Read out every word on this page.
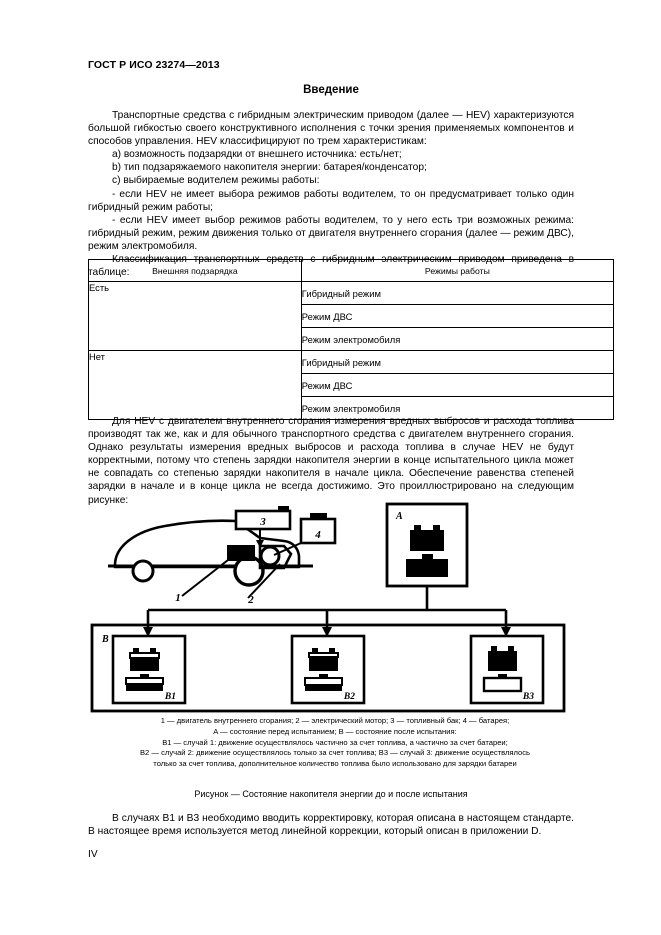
ГОСТ Р ИСО 23274—2013
Введение

Транспортные средства с гибридным электрическим приводом (далее — HEV) характеризуются большой гибкостью своего конструктивного исполнения с точки зрения применяемых компонентов и способов управления. HEV классифицируют по трем характеристикам:

a) возможность подзарядки от внешнего источника: есть/нет;

b) тип подзаряжаемого накопителя энергии: батарея/конденсатор;

c) выбираемые водителем режимы работы:

- если HEV не имеет выбора режимов работы водителем, то он предусматривает только один гибридный режим работы;

- если HEV имеет выбор режимов работы водителем, то у него есть три возможных режима: гибридный режим, режим движения только от двигателя внутреннего сгорания (далее — режим ДВС), режим электромобиля.

Классификация транспортных средств с гибридным электрическим приводом приведена в таблице:	Внешняя подзарядка	Режимы работы
Есть	Гибридный режим
	Режим ДВС
	Режим электромобиля
Нет	Гибридный режим
	Режим ДВС
	Режим электромобиля

Для HEV с двигателем внутреннего сгорания измерения вредных выбросов и расхода топлива производят так же, как и для обычного транспортного средства с двигателем внутреннего сгорания. Однако результаты измерения вредных выбросов и расхода топлива в случае HEV не будут корректными, потому что степень зарядки накопителя энергии в конце испытательного цикла может не совпадать со степенью зарядки накопителя в начале цикла. Обеспечение равенства степеней зарядки в начале и в конце цикла не всегда достижимо. Это проиллюстрировано на следующим рисунке:

3
4
1	2
A
B
B1	B2	B3

1 — двигатель внутреннего сгорания; 2 — электрический мотор; 3 — топливный бак; 4 — батарея;

A — состояние перед испытанием; B — состояние после испытания:

B1 — случай 1: движение осуществлялось частично за счет топлива, а частично за счет батареи;

B2 — случай 2: движение осуществлялось только за счет топлива; B3 — случай 3: движение осуществлялось

только за счет топлива, дополнительное количество топлива было использовано для зарядки батареи

Рисунок — Состояние накопителя энергии до и после испытания

В случаях B1 и B3 необходимо вводить корректировку, которая описана в настоящем стандарте. В настоящее время используется метод линейной коррекции, который описан в приложении D.

IV
